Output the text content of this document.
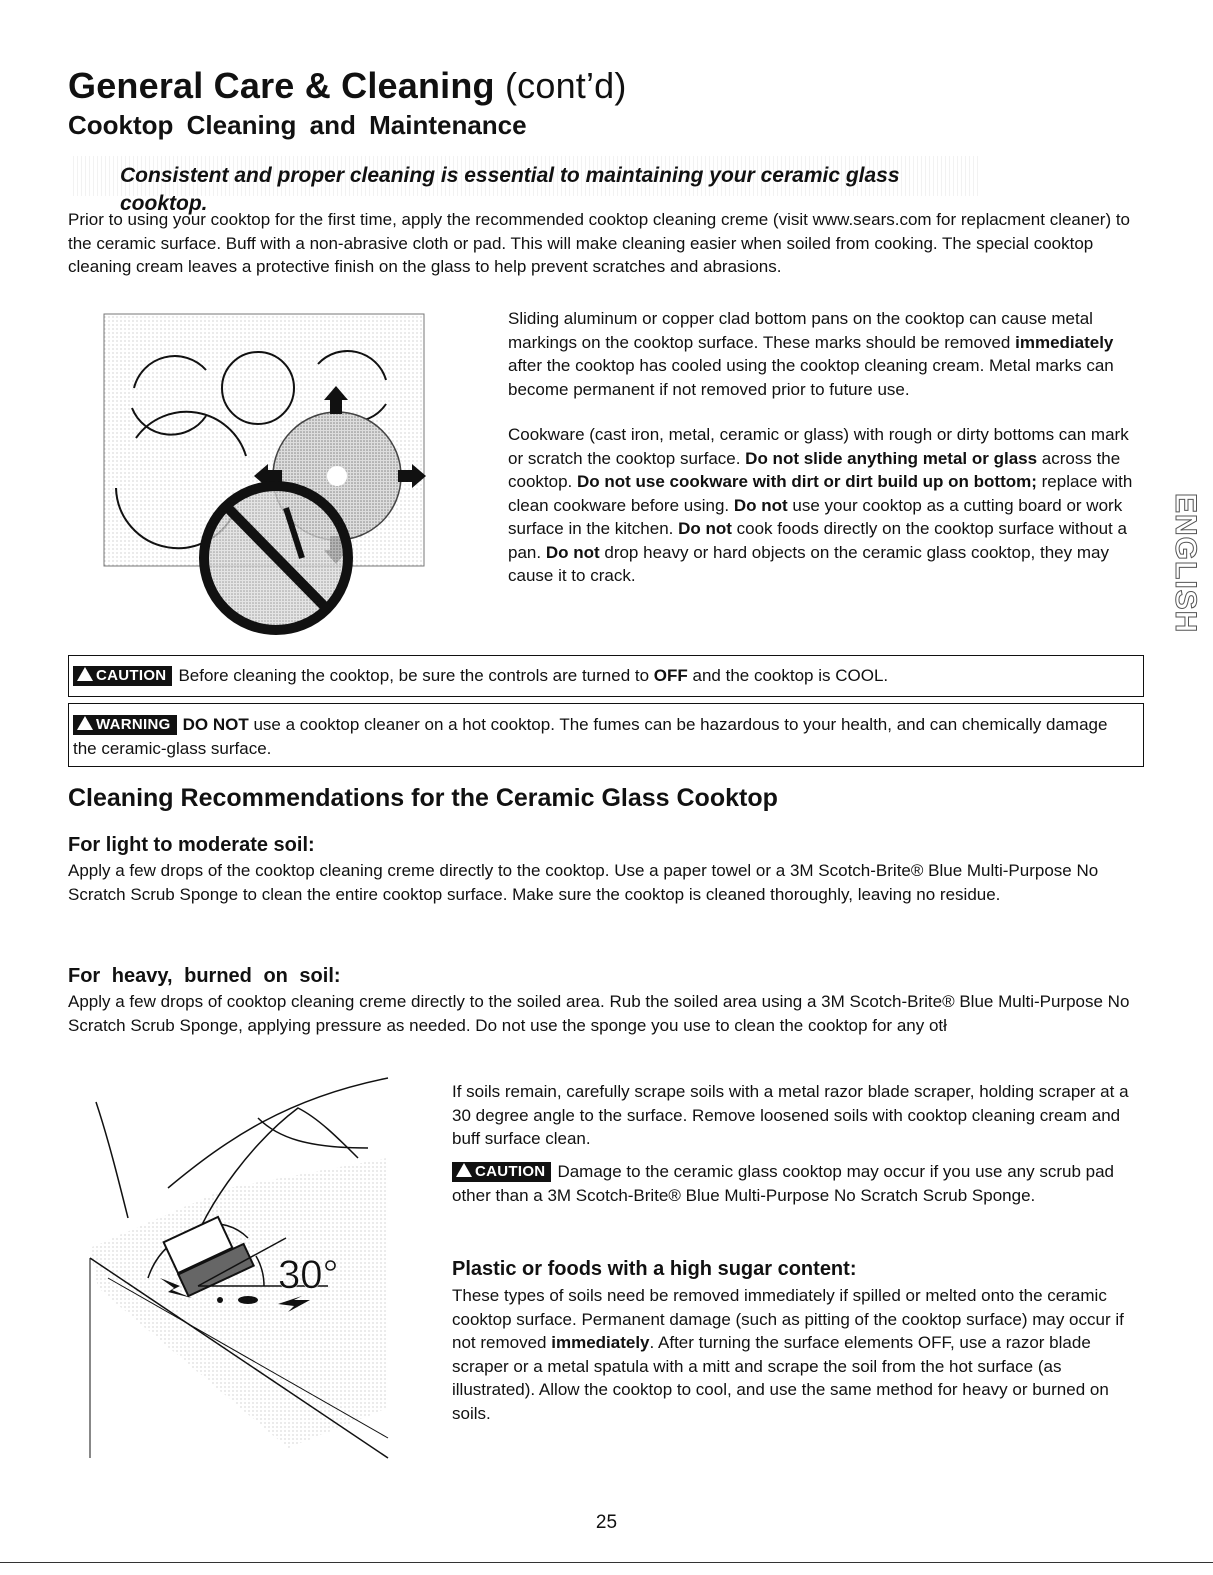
General Care & Cleaning (cont’d)
Cooktop Cleaning and Maintenance
Consistent and proper cleaning is essential to maintaining your ceramic glass cooktop.

Prior to using your cooktop for the first time, apply the recommended cooktop cleaning creme (visit www.sears.com for replacment cleaner) to the ceramic surface. Buff with a non-abrasive cloth or pad. This will make cleaning easier when soiled from cooking. The special cooktop cleaning cream leaves a protective finish on the glass to help prevent scratches and abrasions.

Sliding aluminum or copper clad bottom pans on the cooktop can cause metal markings on the cooktop surface. These marks should be removed immediately after the cooktop has cooled using the cooktop cleaning cream. Metal marks can become permanent if not removed prior to future use.

Cookware (cast iron, metal, ceramic or glass) with rough or dirty bottoms can mark or scratch the cooktop surface. Do not slide anything metal or glass across the cooktop. Do not use cookware with dirt or dirt build up on bottom; replace with clean cookware before using. Do not use your cooktop as a cutting board or work surface in the kitchen. Do not cook foods directly on the cooktop surface without a pan. Do not drop heavy or hard objects on the ceramic glass cooktop, they may cause it to crack.

CAUTION Before cleaning the cooktop, be sure the controls are turned to OFF and the cooktop is COOL.
WARNING DO NOT use a cooktop cleaner on a hot cooktop. The fumes can be hazardous to your health, and can chemically damage the ceramic-glass surface.
Cleaning Recommendations for the Ceramic Glass Cooktop
For light to moderate soil:

Apply a few drops of the cooktop cleaning creme directly to the cooktop. Use a paper towel or a 3M Scotch-Brite® Blue Multi-Purpose No Scratch Scrub Sponge to clean the entire cooktop surface. Make sure the cooktop is cleaned thoroughly, leaving no residue.

For heavy, burned on soil:

Apply a few drops of cooktop cleaning creme directly to the soiled area. Rub the soiled area using a 3M Scotch-Brite® Blue Multi-Purpose No Scratch Scrub Sponge, applying pressure as needed. Do not use the sponge you use to clean the cooktop for any otł

30°

If soils remain, carefully scrape soils with a metal razor blade scraper, holding scraper at a 30 degree angle to the surface. Remove loosened soils with cooktop cleaning cream and buff surface clean.

CAUTION Damage to the ceramic glass cooktop may occur if you use any scrub pad other than a 3M Scotch-Brite® Blue Multi-Purpose No Scratch Scrub Sponge.

Plastic or foods with a high sugar content:

These types of soils need be removed immediately if spilled or melted onto the ceramic cooktop surface. Permanent damage (such as pitting of the cooktop surface) may occur if not removed immediately. After turning the surface elements OFF, use a razor blade scraper or a metal spatula with a mitt and scrape the soil from the hot surface (as illustrated). Allow the cooktop to cool, and use the same method for heavy or burned on soils.

ENGLISH
25
